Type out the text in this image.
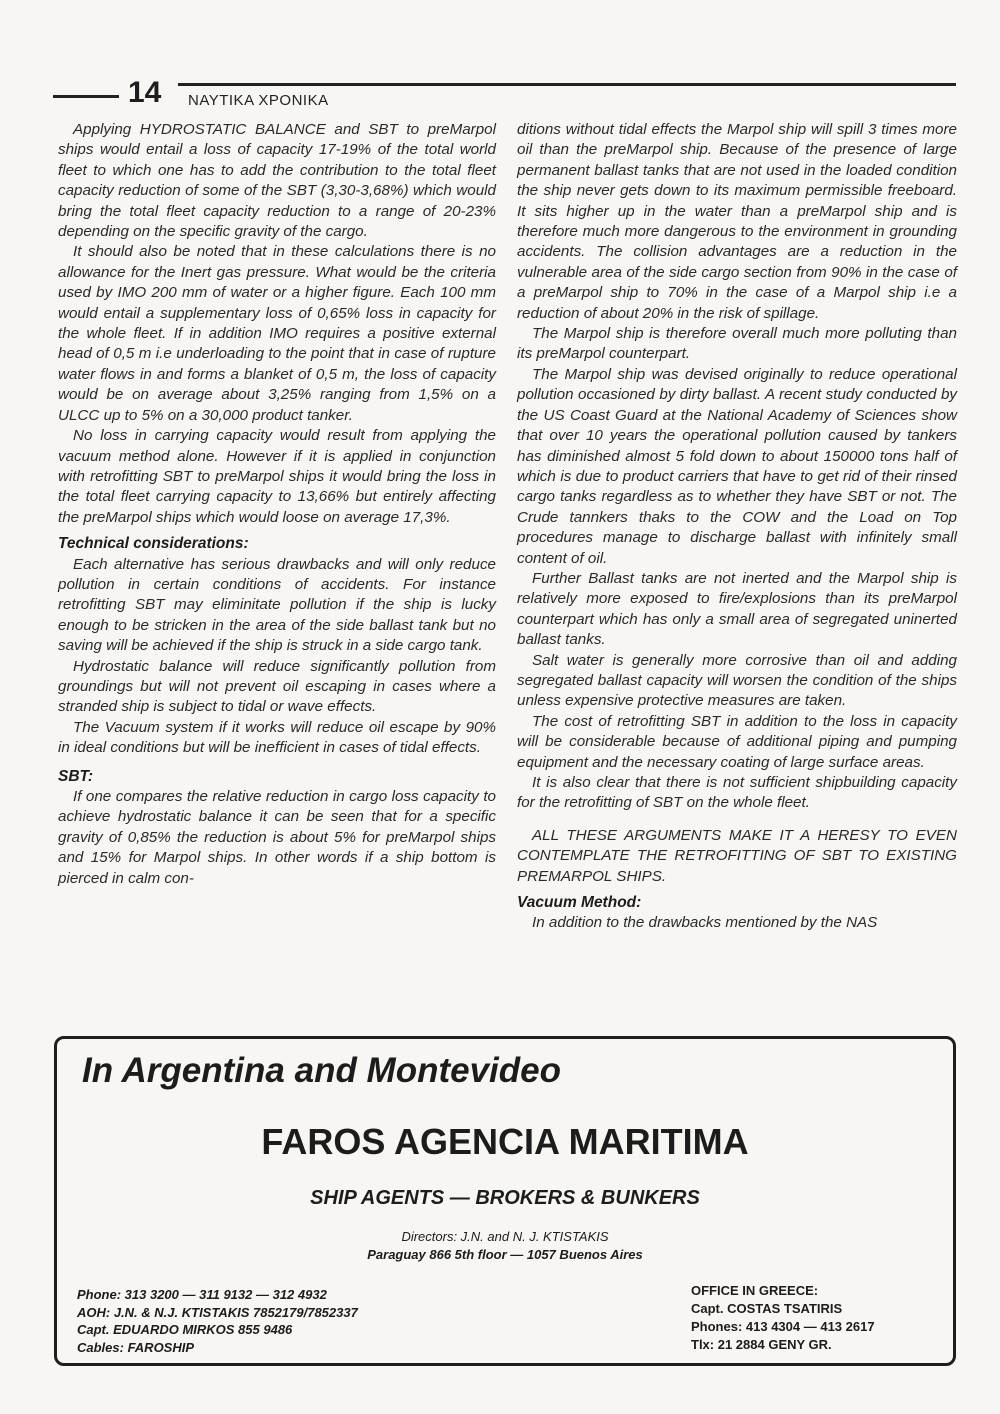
14 ΝΑΥΤΙΚΑ ΧΡΟΝΙΚΑ

Applying HYDROSTATIC BALANCE and SBT to preMarpol ships would entail a loss of capacity 17-19% of the total world fleet to which one has to add the contribution to the total fleet capacity reduction of some of the SBT (3,30-3,68%) which would bring the total fleet capacity reduction to a range of 20-23% depending on the specific gravity of the cargo.

It should also be noted that in these calculations there is no allowance for the Inert gas pressure. What would be the criteria used by IMO 200 mm of water or a higher figure. Each 100 mm would entail a supplementary loss of 0,65% loss in capacity for the whole fleet. If in addition IMO requires a positive external head of 0,5 m i.e underloading to the point that in case of rupture water flows in and forms a blanket of 0,5 m, the loss of capacity would be on average about 3,25% ranging from 1,5% on a ULCC up to 5% on a 30,000 product tanker.

No loss in carrying capacity would result from applying the vacuum method alone. However if it is applied in conjunction with retrofitting SBT to preMarpol ships it would bring the loss in the total fleet carrying capacity to 13,66% but entirely affecting the preMarpol ships which would loose on average 17,3%.

Technical considerations:

Each alternative has serious drawbacks and will only reduce pollution in certain conditions of accidents. For instance retrofitting SBT may eliminitate pollution if the ship is lucky enough to be stricken in the area of the side ballast tank but no saving will be achieved if the ship is struck in a side cargo tank.

Hydrostatic balance will reduce significantly pollution from groundings but will not prevent oil escaping in cases where a stranded ship is subject to tidal or wave effects.

The Vacuum system if it works will reduce oil escape by 90% in ideal conditions but will be inefficient in cases of tidal effects.

SBT:

If one compares the relative reduction in cargo loss capacity to achieve hydrostatic balance it can be seen that for a specific gravity of 0,85% the reduction is about 5% for preMarpol ships and 15% for Marpol ships. In other words if a ship bottom is pierced in calm con-

ditions without tidal effects the Marpol ship will spill 3 times more oil than the preMarpol ship. Because of the presence of large permanent ballast tanks that are not used in the loaded condition the ship never gets down to its maximum permissible freeboard. It sits higher up in the water than a preMarpol ship and is therefore much more dangerous to the environment in grounding accidents. The collision advantages are a reduction in the vulnerable area of the side cargo section from 90% in the case of a preMarpol ship to 70% in the case of a Marpol ship i.e a reduction of about 20% in the risk of spillage.

The Marpol ship is therefore overall much more polluting than its preMarpol counterpart.

The Marpol ship was devised originally to reduce operational pollution occasioned by dirty ballast. A recent study conducted by the US Coast Guard at the National Academy of Sciences show that over 10 years the operational pollution caused by tankers has diminished almost 5 fold down to about 150000 tons half of which is due to product carriers that have to get rid of their rinsed cargo tanks regardless as to whether they have SBT or not. The Crude tannkers thaks to the COW and the Load on Top procedures manage to discharge ballast with infinitely small content of oil.

Further Ballast tanks are not inerted and the Marpol ship is relatively more exposed to fire/explosions than its preMarpol counterpart which has only a small area of segregated uninerted ballast tanks.

Salt water is generally more corrosive than oil and adding segregated ballast capacity will worsen the condition of the ships unless expensive protective measures are taken.

The cost of retrofitting SBT in addition to the loss in capacity will be considerable because of additional piping and pumping equipment and the necessary coating of large surface areas.

It is also clear that there is not sufficient shipbuilding capacity for the retrofitting of SBT on the whole fleet.

ALL THESE ARGUMENTS MAKE IT A HERESY TO EVEN CONTEMPLATE THE RETROFITTING OF SBT TO EXISTING PREMARPOL SHIPS.

Vacuum Method:

In addition to the drawbacks mentioned by the NAS

In Argentina and Montevideo
FAROS AGENCIA MARITIMA
SHIP AGENTS — BROKERS & BUNKERS
Directors: J.N. and N. J. KTISTAKIS
Paraguay 866 5th floor — 1057 Buenos Aires
Phone: 313 3200 — 311 9132 — 312 4932
AOH: J.N. & N.J. KTISTAKIS 7852179/7852337
Capt. EDUARDO MIRKOS 855 9486
Cables: FAROSHIP
OFFICE IN GREECE:
Capt. COSTAS TSATIRIS
Phones: 413 4304 — 413 2617
Tlx: 21 2884 GENY GR.
